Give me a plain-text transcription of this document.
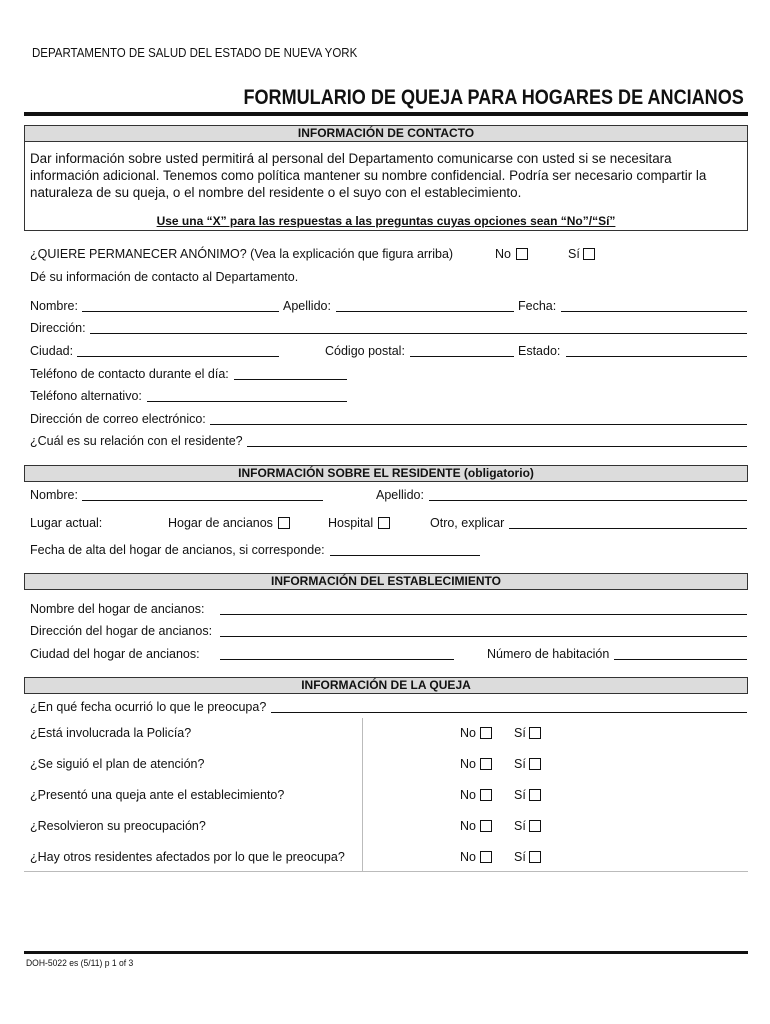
DEPARTAMENTO DE SALUD DEL ESTADO DE NUEVA YORK
FORMULARIO DE QUEJA PARA HOGARES DE ANCIANOS
INFORMACIÓN DE CONTACTO
Dar información sobre usted permitirá al personal del Departamento comunicarse con usted si se necesitara información adicional. Tenemos como política mantener su nombre confidencial. Podría ser necesario compartir la naturaleza de su queja, o el nombre del residente o el suyo con el establecimiento.
Use una “X” para las respuestas a las preguntas cuyas opciones sean “No”/“Sí”
¿QUIERE PERMANECER ANÓNIMO? (Vea la explicación que figura arriba)	No	Sí
Dé su información de contacto al Departamento.
Nombre:	Apellido:	Fecha:
Dirección:
Ciudad:	Código postal:	Estado:
Teléfono de contacto durante el día:
Teléfono alternativo:
Dirección de correo electrónico:
¿Cuál es su relación con el residente?
INFORMACIÓN SOBRE EL RESIDENTE (obligatorio)
Nombre:	Apellido:
Lugar actual:	Hogar de ancianos	Hospital	Otro, explicar
Fecha de alta del hogar de ancianos, si corresponde:
INFORMACIÓN DEL ESTABLECIMIENTO
Nombre del hogar de ancianos:
Dirección del hogar de ancianos:
Ciudad del hogar de ancianos:	Número de habitación
INFORMACIÓN DE LA QUEJA
¿En qué fecha ocurrió lo que le preocupa?
¿Está involucrada la Policía?	No	Sí
¿Se siguió el plan de atención?	No	Sí
¿Presentó una queja ante el establecimiento?	No	Sí
¿Resolvieron su preocupación?	No	Sí
¿Hay otros residentes afectados por lo que le preocupa?	No	Sí
DOH-5022 es (5/11) p 1 of 3
